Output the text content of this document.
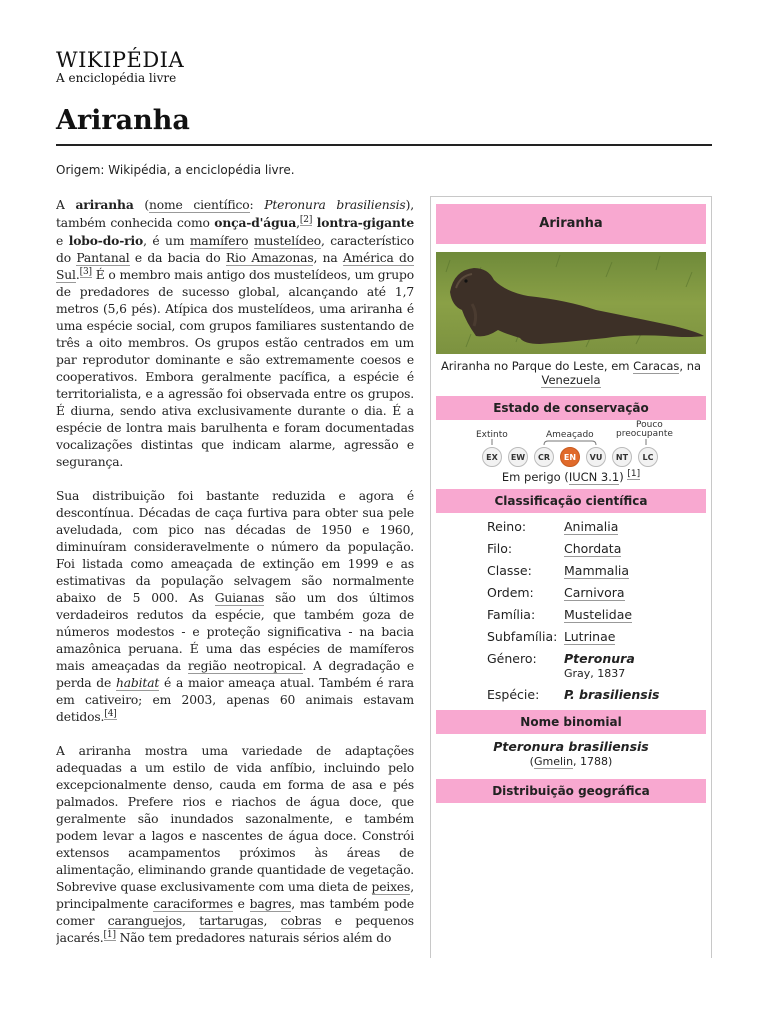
WIKIPÉDIA
A enciclopédia livre
Ariranha
Origem: Wikipédia, a enciclopédia livre.

A ariranha (nome científico: Pteronura brasiliensis), também conhecida como onça-d'água,[2] lontra-gigante e lobo-do-rio, é um mamífero mustelídeo, característico do Pantanal e da bacia do Rio Amazonas, na América do Sul.[3] É o membro mais antigo dos mustelídeos, um grupo de predadores de sucesso global, alcançando até 1,7 metros (5,6 pés). Atípica dos mustelídeos, uma ariranha é uma espécie social, com grupos familiares sustentando de três a oito membros. Os grupos estão centrados em um par reprodutor dominante e são extremamente coesos e cooperativos. Embora geralmente pacífica, a espécie é territorialista, e a agressão foi observada entre os grupos. É diurna, sendo ativa exclusivamente durante o dia. É a espécie de lontra mais barulhenta e foram documentadas vocalizações distintas que indicam alarme, agressão e segurança.

Sua distribuição foi bastante reduzida e agora é descontínua. Décadas de caça furtiva para obter sua pele aveludada, com pico nas décadas de 1950 e 1960, diminuíram consideravelmente o número da população. Foi listada como ameaçada de extinção em 1999 e as estimativas da população selvagem são normalmente abaixo de 5 000. As Guianas são um dos últimos verdadeiros redutos da espécie, que também goza de números modestos - e proteção significativa - na bacia amazônica peruana. É uma das espécies de mamíferos mais ameaçadas da região neotropical. A degradação e perda de habitat é a maior ameaça atual. Também é rara em cativeiro; em 2003, apenas 60 animais estavam detidos.[4]

A ariranha mostra uma variedade de adaptações adequadas a um estilo de vida anfíbio, incluindo pelo excepcionalmente denso, cauda em forma de asa e pés palmados. Prefere rios e riachos de água doce, que geralmente são inundados sazonalmente, e também podem levar a lagos e nascentes de água doce. Constrói extensos acampamentos próximos às áreas de alimentação, eliminando grande quantidade de vegetação. Sobrevive quase exclusivamente com uma dieta de peixes, principalmente caraciformes e bagres, mas também pode comer caranguejos, tartarugas, cobras e pequenos jacarés.[1] Não tem predadores naturais sérios além do

Ariranha
Ariranha no Parque do Leste, em Caracas, na Venezuela
Estado de conservação
Extinto	Ameaçado
Pouco
preocupante
EX	EW	CR	EN	VU	NT	LC
Em perigo (IUCN 3.1) [1]
Classificação científica
Reino:	Animalia
Filo:	Chordata
Classe:	Mammalia
Ordem: Carnivora
Família: Mustelidae
Subfamília: Lutrinae
Género: Pteronura
Gray, 1837
Espécie: P. brasiliensis
Nome binomial
Pteronura brasiliensis
(Gmelin, 1788)
Distribuição geográfica
